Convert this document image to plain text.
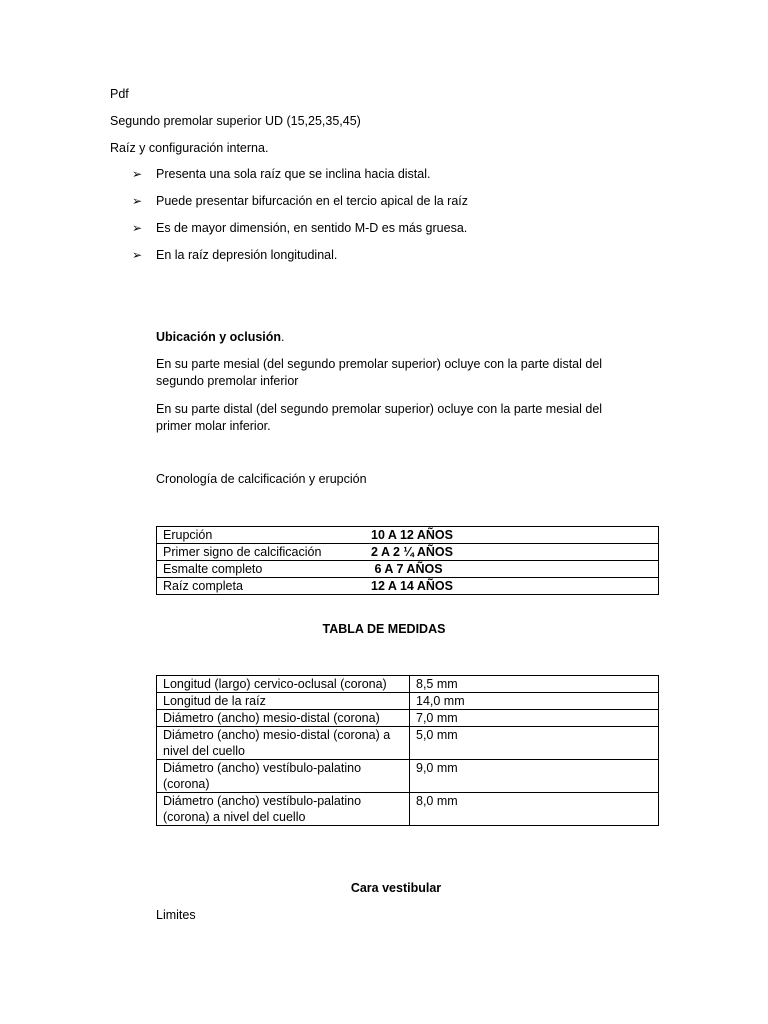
Pdf
Segundo premolar superior UD (15,25,35,45)
Raíz y configuración interna.
➢ Presenta una sola raíz que se inclina hacia distal.
➢ Puede presentar bifurcación en el tercio apical de la raíz
➢ Es de mayor dimensión, en sentido M-D es más gruesa.
➢ En la raíz depresión longitudinal.
Ubicación y oclusión.
En su parte mesial (del segundo premolar superior) ocluye con la parte distal del segundo premolar inferior
En su parte distal (del segundo premolar superior) ocluye con la parte mesial del primer molar inferior.
Cronología de calcificación y erupción
Erupción	10 A 12 AÑOS
Primer signo de calcificación	2 A 2 ¼ AÑOS
Esmalte completo	6 A 7 AÑOS
Raíz completa	12 A 14 AÑOS
TABLA DE MEDIDAS
Longitud (largo) cervico-oclusal (corona)	8,5 mm
Longitud de la raíz	14,0 mm
Diámetro (ancho) mesio-distal (corona)	7,0 mm
Diámetro (ancho) mesio-distal (corona) a nivel del cuello	5,0 mm
Diámetro (ancho) vestíbulo-palatino (corona)	9,0 mm
Diámetro (ancho) vestíbulo-palatino (corona) a nivel del cuello	8,0 mm
Cara vestibular
Limites
